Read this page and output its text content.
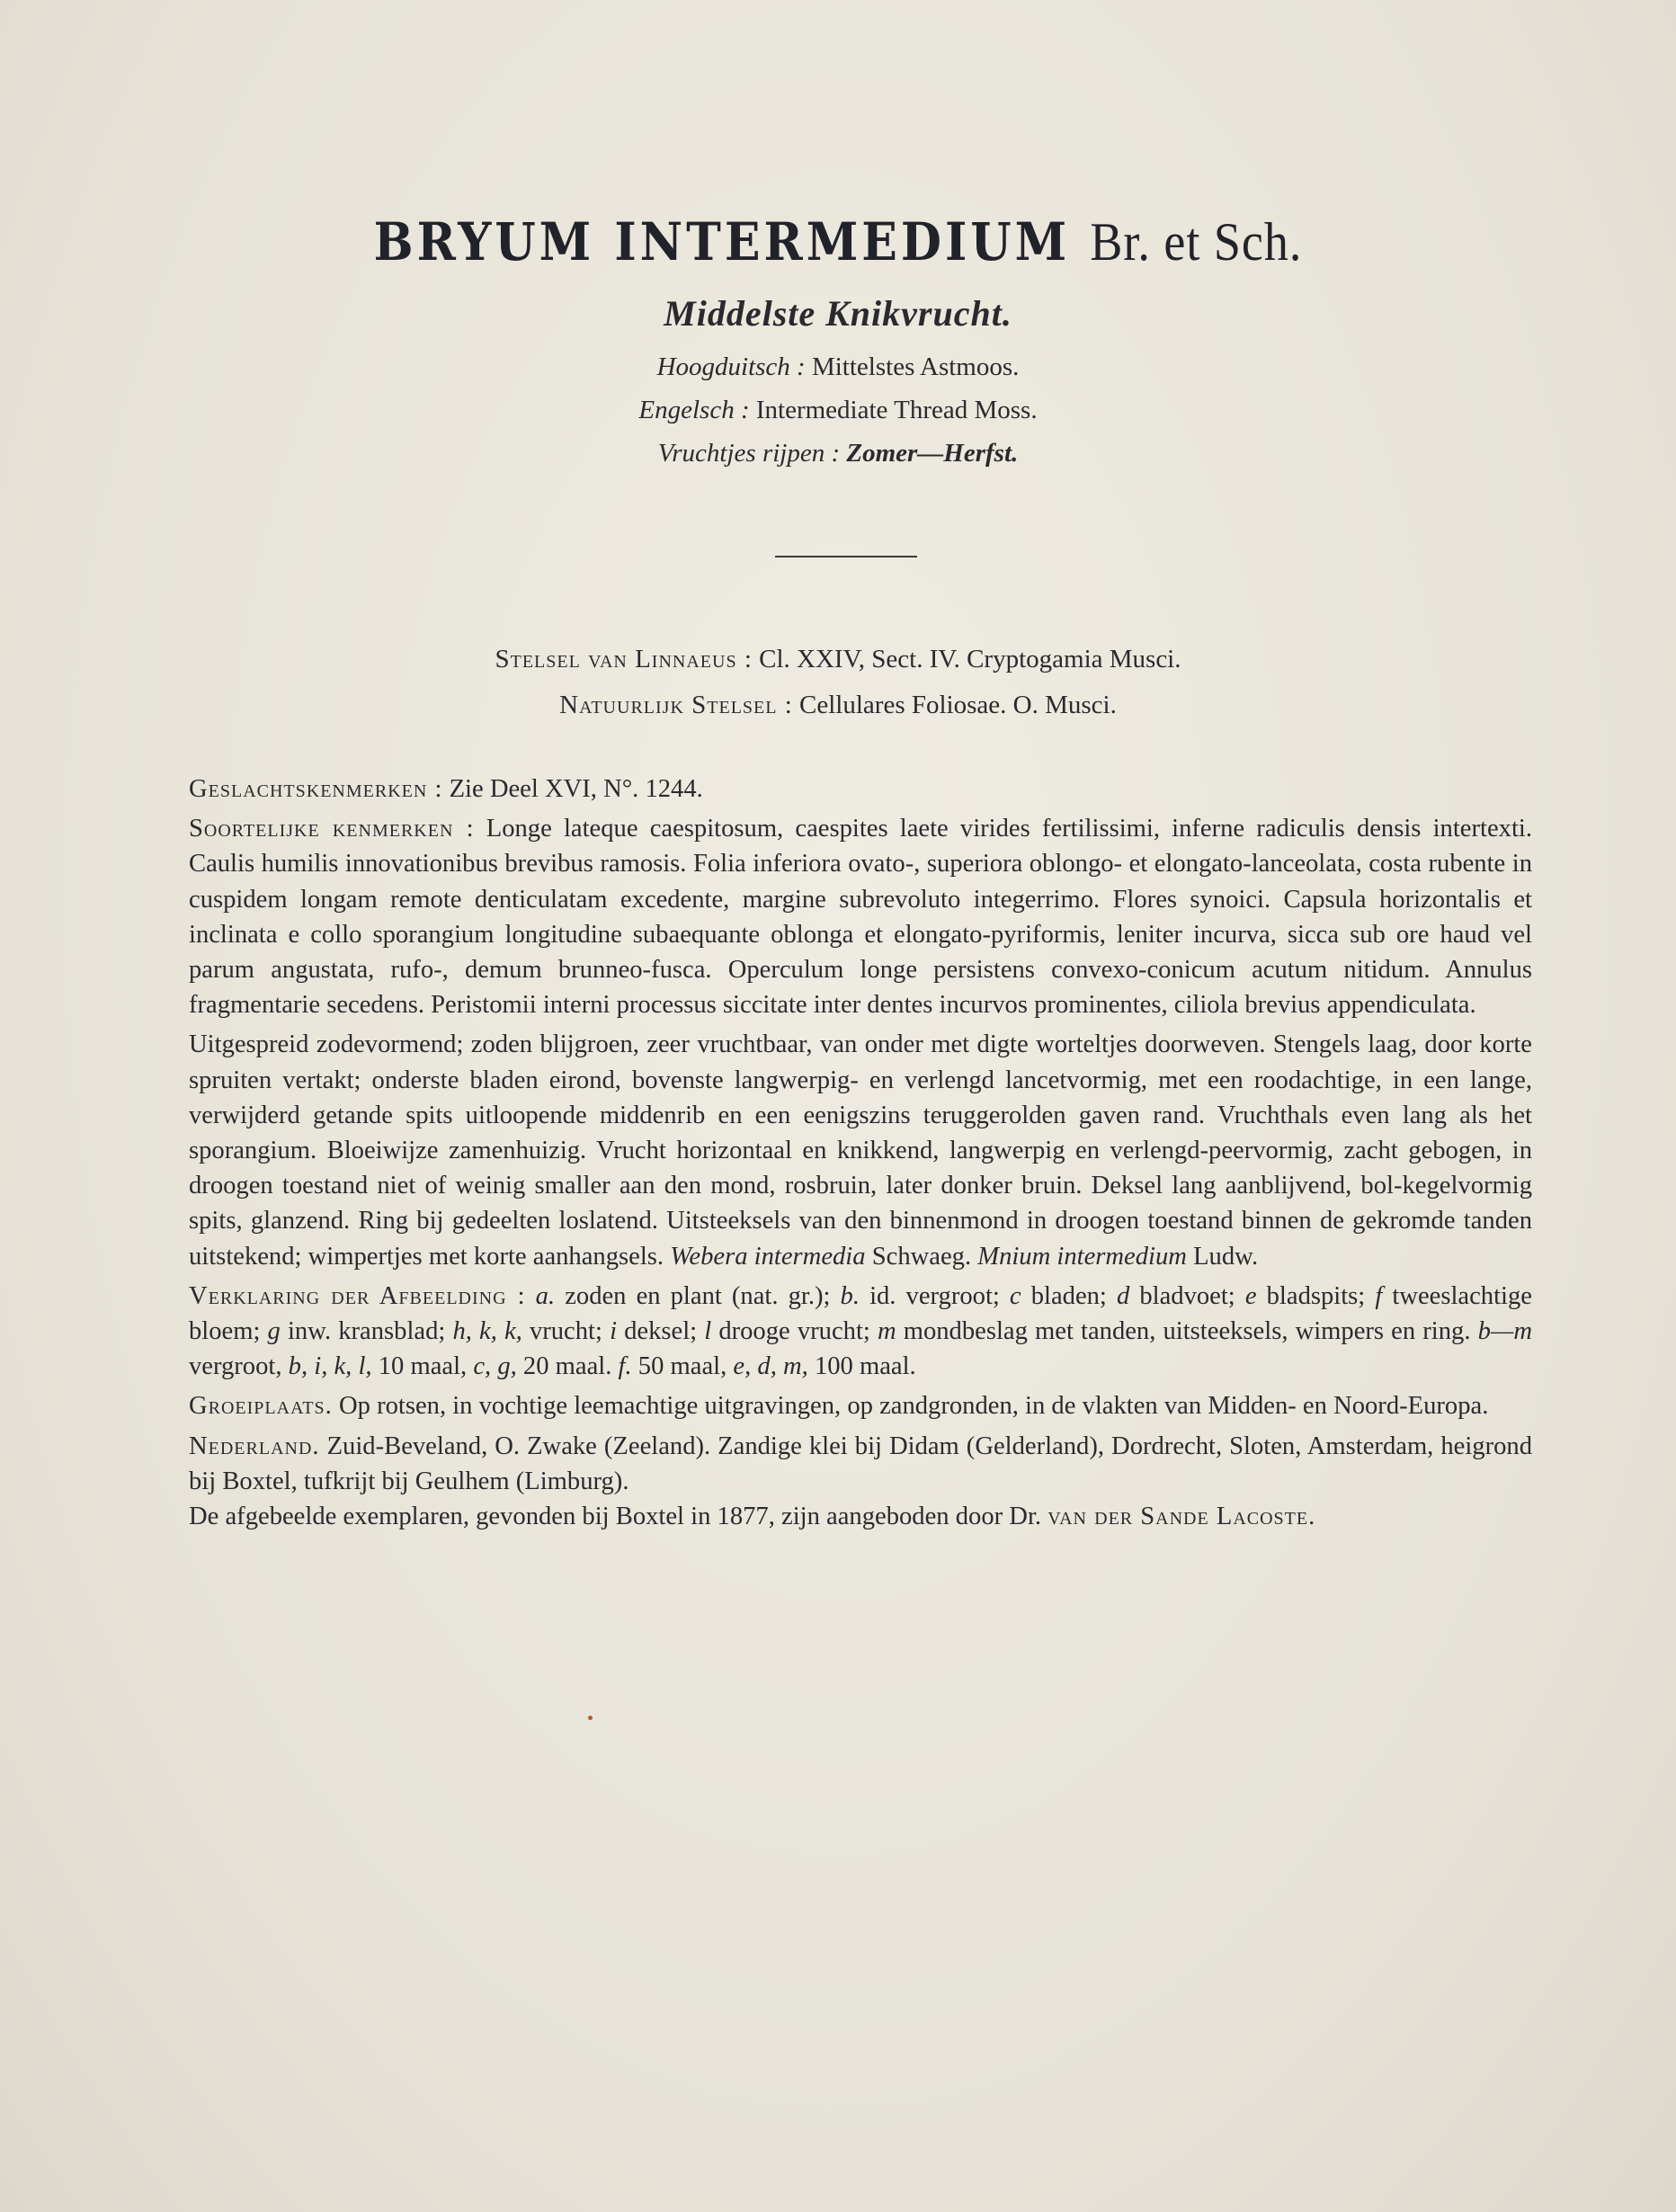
BRYUM INTERMEDIUM Br. et Sch.
Middelste Knikvrucht.
Hoogduitsch : Mittelstes Astmoos.
Engelsch : Intermediate Thread Moss.
Vruchtjes rijpen : Zomer—Herfst.
Stelsel van Linnaeus : Cl. XXIV, Sect. IV. Cryptogamia Musci.
Natuurlijk Stelsel : Cellulares Foliosae. O. Musci.

Geslachtskenmerken : Zie Deel XVI, N°. 1244.

Soortelijke kenmerken : Longe lateque caespitosum, caespites laete virides fertilissimi, inferne radiculis densis intertexti. Caulis humilis innovationibus brevibus ramosis. Folia inferiora ovato-, superiora oblongo- et elongato-lanceolata, costa rubente in cuspidem longam remote denticulatam excedente, margine subrevoluto integerrimo. Flores synoici. Capsula horizontalis et inclinata e collo sporangium longitudine subaequante oblonga et elongato-pyriformis, leniter incurva, sicca sub ore haud vel parum angustata, rufo-, demum brunneo-fusca. Operculum longe persistens convexo-conicum acutum nitidum. Annulus fragmentarie secedens. Peristomii interni processus siccitate inter dentes incurvos prominentes, ciliola brevius appendiculata.

Uitgespreid zodevormend; zoden blijgroen, zeer vruchtbaar, van onder met digte worteltjes doorweven. Stengels laag, door korte spruiten vertakt; onderste bladen eirond, bovenste langwerpig- en verlengd lancetvormig, met een roodachtige, in een lange, verwijderd getande spits uitloopende middenrib en een eenigszins teruggerolden gaven rand. Vruchthals even lang als het sporangium. Bloeiwijze zamenhuizig. Vrucht horizontaal en knikkend, langwerpig en verlengd-peervormig, zacht gebogen, in droogen toestand niet of weinig smaller aan den mond, rosbruin, later donker bruin. Deksel lang aanblijvend, bol-kegelvormig spits, glanzend. Ring bij gedeelten loslatend. Uitsteeksels van den binnenmond in droogen toestand binnen de gekromde tanden uitstekend; wimpertjes met korte aanhangsels. Webera intermedia Schwaeg. Mnium intermedium Ludw.

Verklaring der Afbeelding : a. zoden en plant (nat. gr.); b. id. vergroot; c bladen; d bladvoet; e bladspits; f tweeslachtige bloem; g inw. kransblad; h, k, k, vrucht; i deksel; l drooge vrucht; m mondbeslag met tanden, uitsteeksels, wimpers en ring. b—m vergroot, b, i, k, l, 10 maal, c, g, 20 maal. f. 50 maal, e, d, m, 100 maal.

Groeiplaats. Op rotsen, in vochtige leemachtige uitgravingen, op zandgronden, in de vlakten van Midden- en Noord-Europa.

Nederland. Zuid-Beveland, O. Zwake (Zeeland). Zandige klei bij Didam (Gelderland), Dordrecht, Sloten, Amsterdam, heigrond bij Boxtel, tufkrijt bij Geulhem (Limburg).

De afgebeelde exemplaren, gevonden bij Boxtel in 1877, zijn aangeboden door Dr. van der Sande Lacoste.
